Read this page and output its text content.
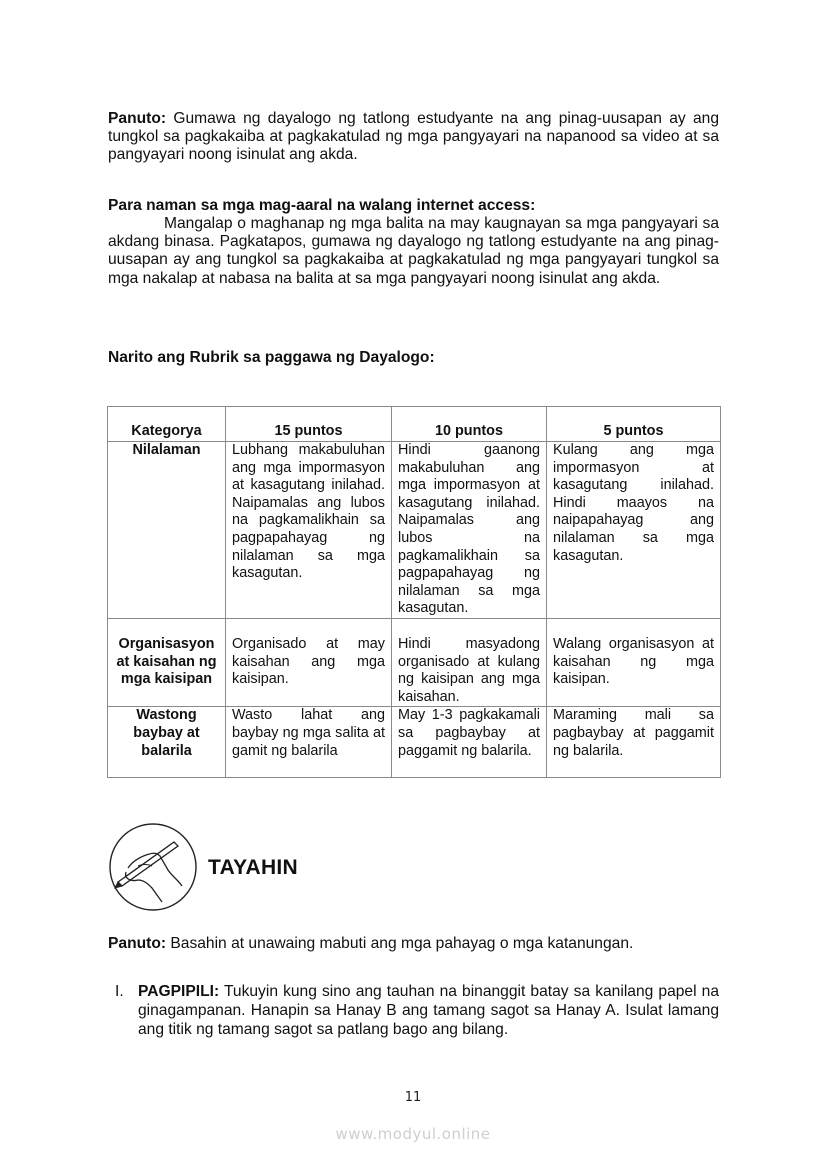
Panuto: Gumawa ng dayalogo ng tatlong estudyante na ang pinag-uusapan ay ang tungkol sa pagkakaiba at pagkakatulad ng mga pangyayari na napanood sa video at sa pangyayari noong isinulat ang akda.

Para naman sa mga mag-aaral na walang internet access:

Mangalap o maghanap ng mga balita na may kaugnayan sa mga pangyayari sa akdang binasa. Pagkatapos, gumawa ng dayalogo ng tatlong estudyante na ang pinag-uusapan ay ang tungkol sa pagkakaiba at pagkakatulad ng mga pangyayari tungkol sa mga nakalap at nabasa na balita at sa mga pangyayari noong isinulat ang akda.

Narito ang Rubrik sa paggawa ng Dayalogo:
Kategorya	15 puntos	10 puntos	5 puntos
Nilalaman	Lubhang makabuluhan ang mga impormasyon at kasagutang inilahad. Naipamalas ang lubos na pagkamalikhain sa pagpapahayag ng nilalaman sa mga kasagutan.	Hindi gaanong makabuluhan ang mga impormasyon at kasagutang inilahad. Naipamalas ang lubos na pagkamalikhain sa pagpapahayag ng nilalaman sa mga kasagutan.	Kulang ang mga impormasyon at kasagutang inilahad. Hindi maayos na naipapahayag ang nilalaman sa mga kasagutan.
Organisasyon at kaisahan ng mga kaisipan	Organisado at may kaisahan ang mga kaisipan.	Hindi masyadong organisado at kulang ng kaisipan ang mga kaisahan.	Walang organisasyon at kaisahan ng mga kaisipan.
Wastong baybay at balarila	Wasto lahat ang baybay ng mga salita at gamit ng balarila	May 1-3 pagkakamali sa pagbaybay at paggamit ng balarila.	Maraming mali sa pagbaybay at paggamit ng balarila.
TAYAHIN

Panuto: Basahin at unawaing mabuti ang mga pahayag o mga katanungan.

I. PAGPIPILI: Tukuyin kung sino ang tauhan na binanggit batay sa kanilang papel na ginagampanan. Hanapin sa Hanay B ang tamang sagot sa Hanay A. Isulat lamang ang titik ng tamang sagot sa patlang bago ang bilang.
11
www.modyul.online
